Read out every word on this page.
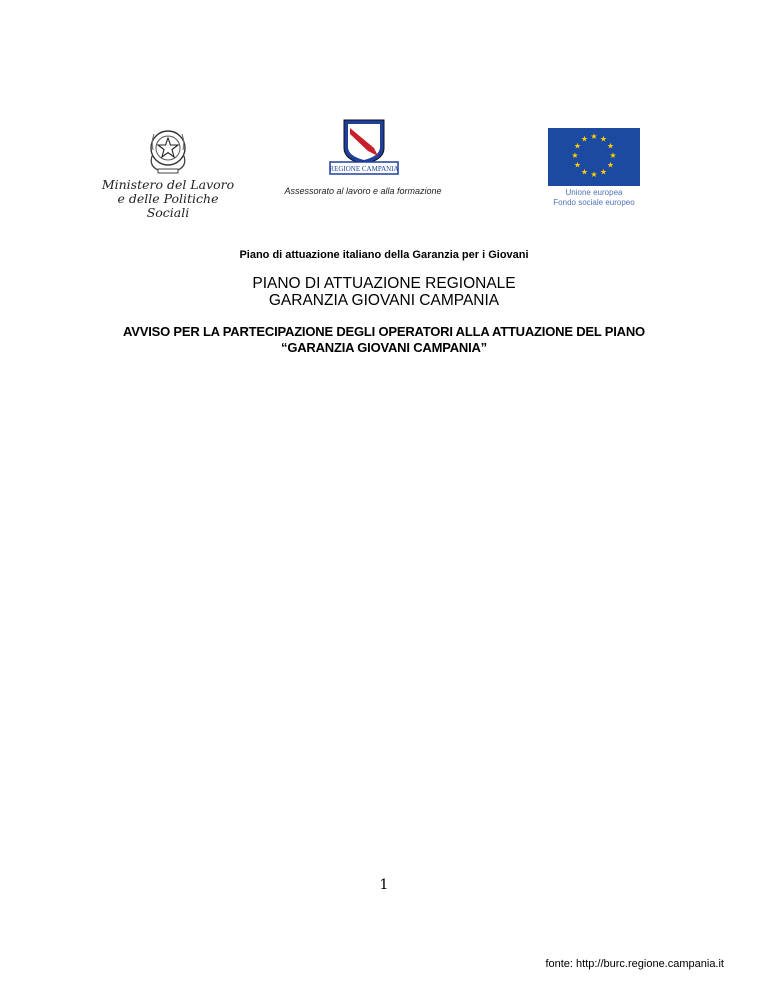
Ministero del Lavoro
e delle Politiche Sociali
REGIONE CAMPANIA
Assessorato al lavoro e alla formazione
★ ★
★
★
★
★
★
★
★
★
★
★
Unione europea
Fondo sociale europeo
Piano di attuazione italiano della Garanzia per i Giovani
PIANO DI ATTUAZIONE REGIONALE
GARANZIA GIOVANI CAMPANIA
AVVISO PER LA PARTECIPAZIONE DEGLI OPERATORI ALLA ATTUAZIONE DEL PIANO
“GARANZIA GIOVANI CAMPANIA”
1
fonte: http://burc.regione.campania.it
